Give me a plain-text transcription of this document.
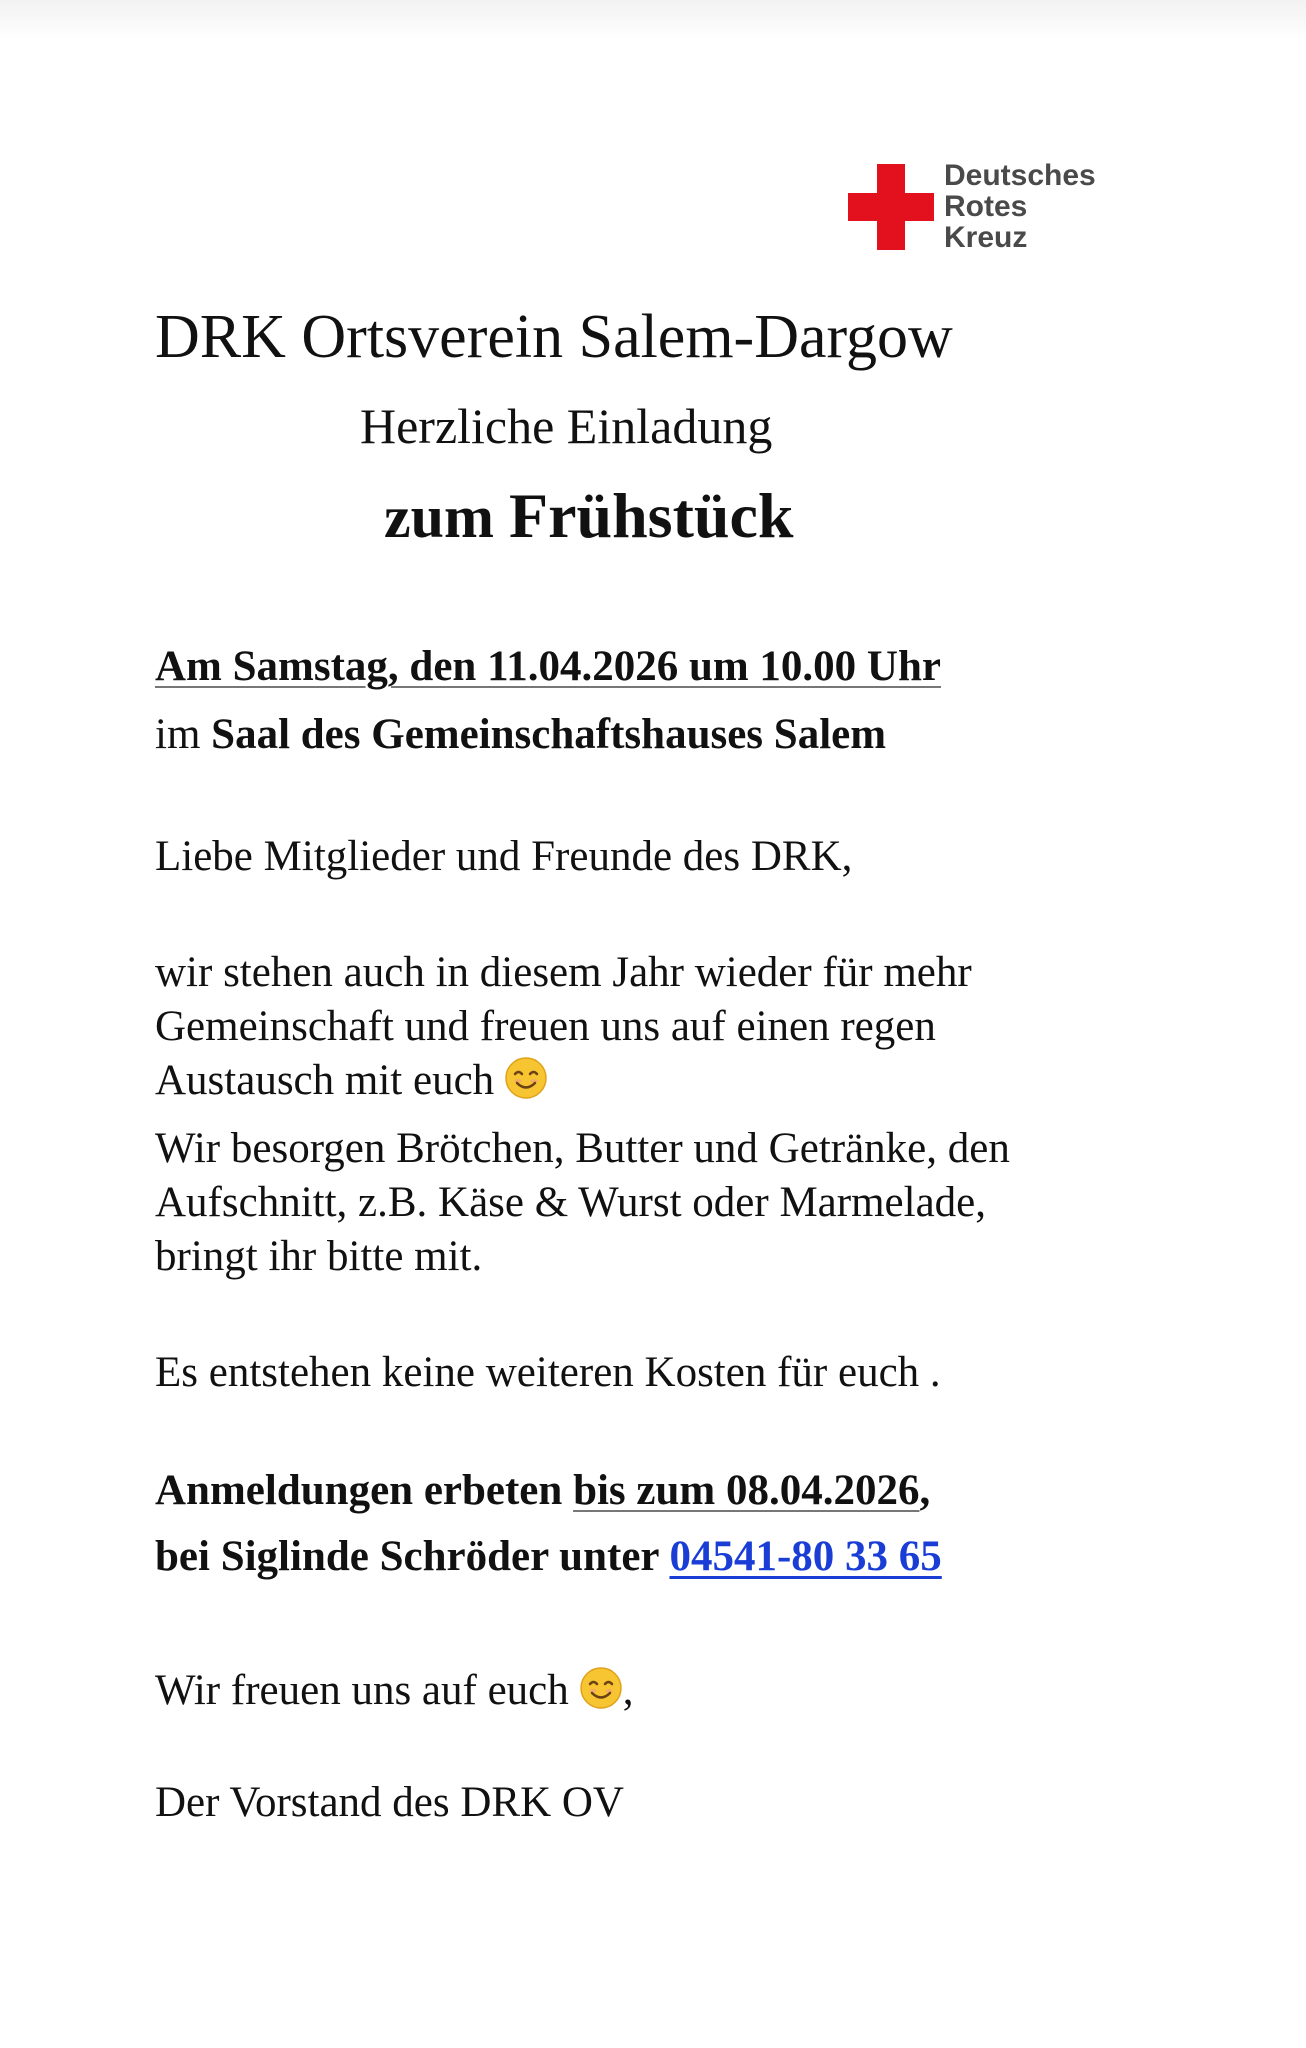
Deutsches
Rotes
Kreuz
DRK Ortsverein Salem-Dargow
Herzliche Einladung
zum Frühstück
Am Samstag, den 11.04.2026 um 10.00 Uhr
im Saal des Gemeinschaftshauses Salem
Liebe Mitglieder und Freunde des DRK,
wir stehen auch in diesem Jahr wieder für mehr
Gemeinschaft und freuen uns auf einen regen
Austausch mit euch
Wir besorgen Brötchen, Butter und Getränke, den
Aufschnitt, z.B. Käse & Wurst oder Marmelade,
bringt ihr bitte mit.
Es entstehen keine weiteren Kosten für euch .
Anmeldungen erbeten bis zum 08.04.2026,
bei Siglinde Schröder unter 04541-80 33 65
Wir freuen uns auf euch ,
Der Vorstand des DRK OV
